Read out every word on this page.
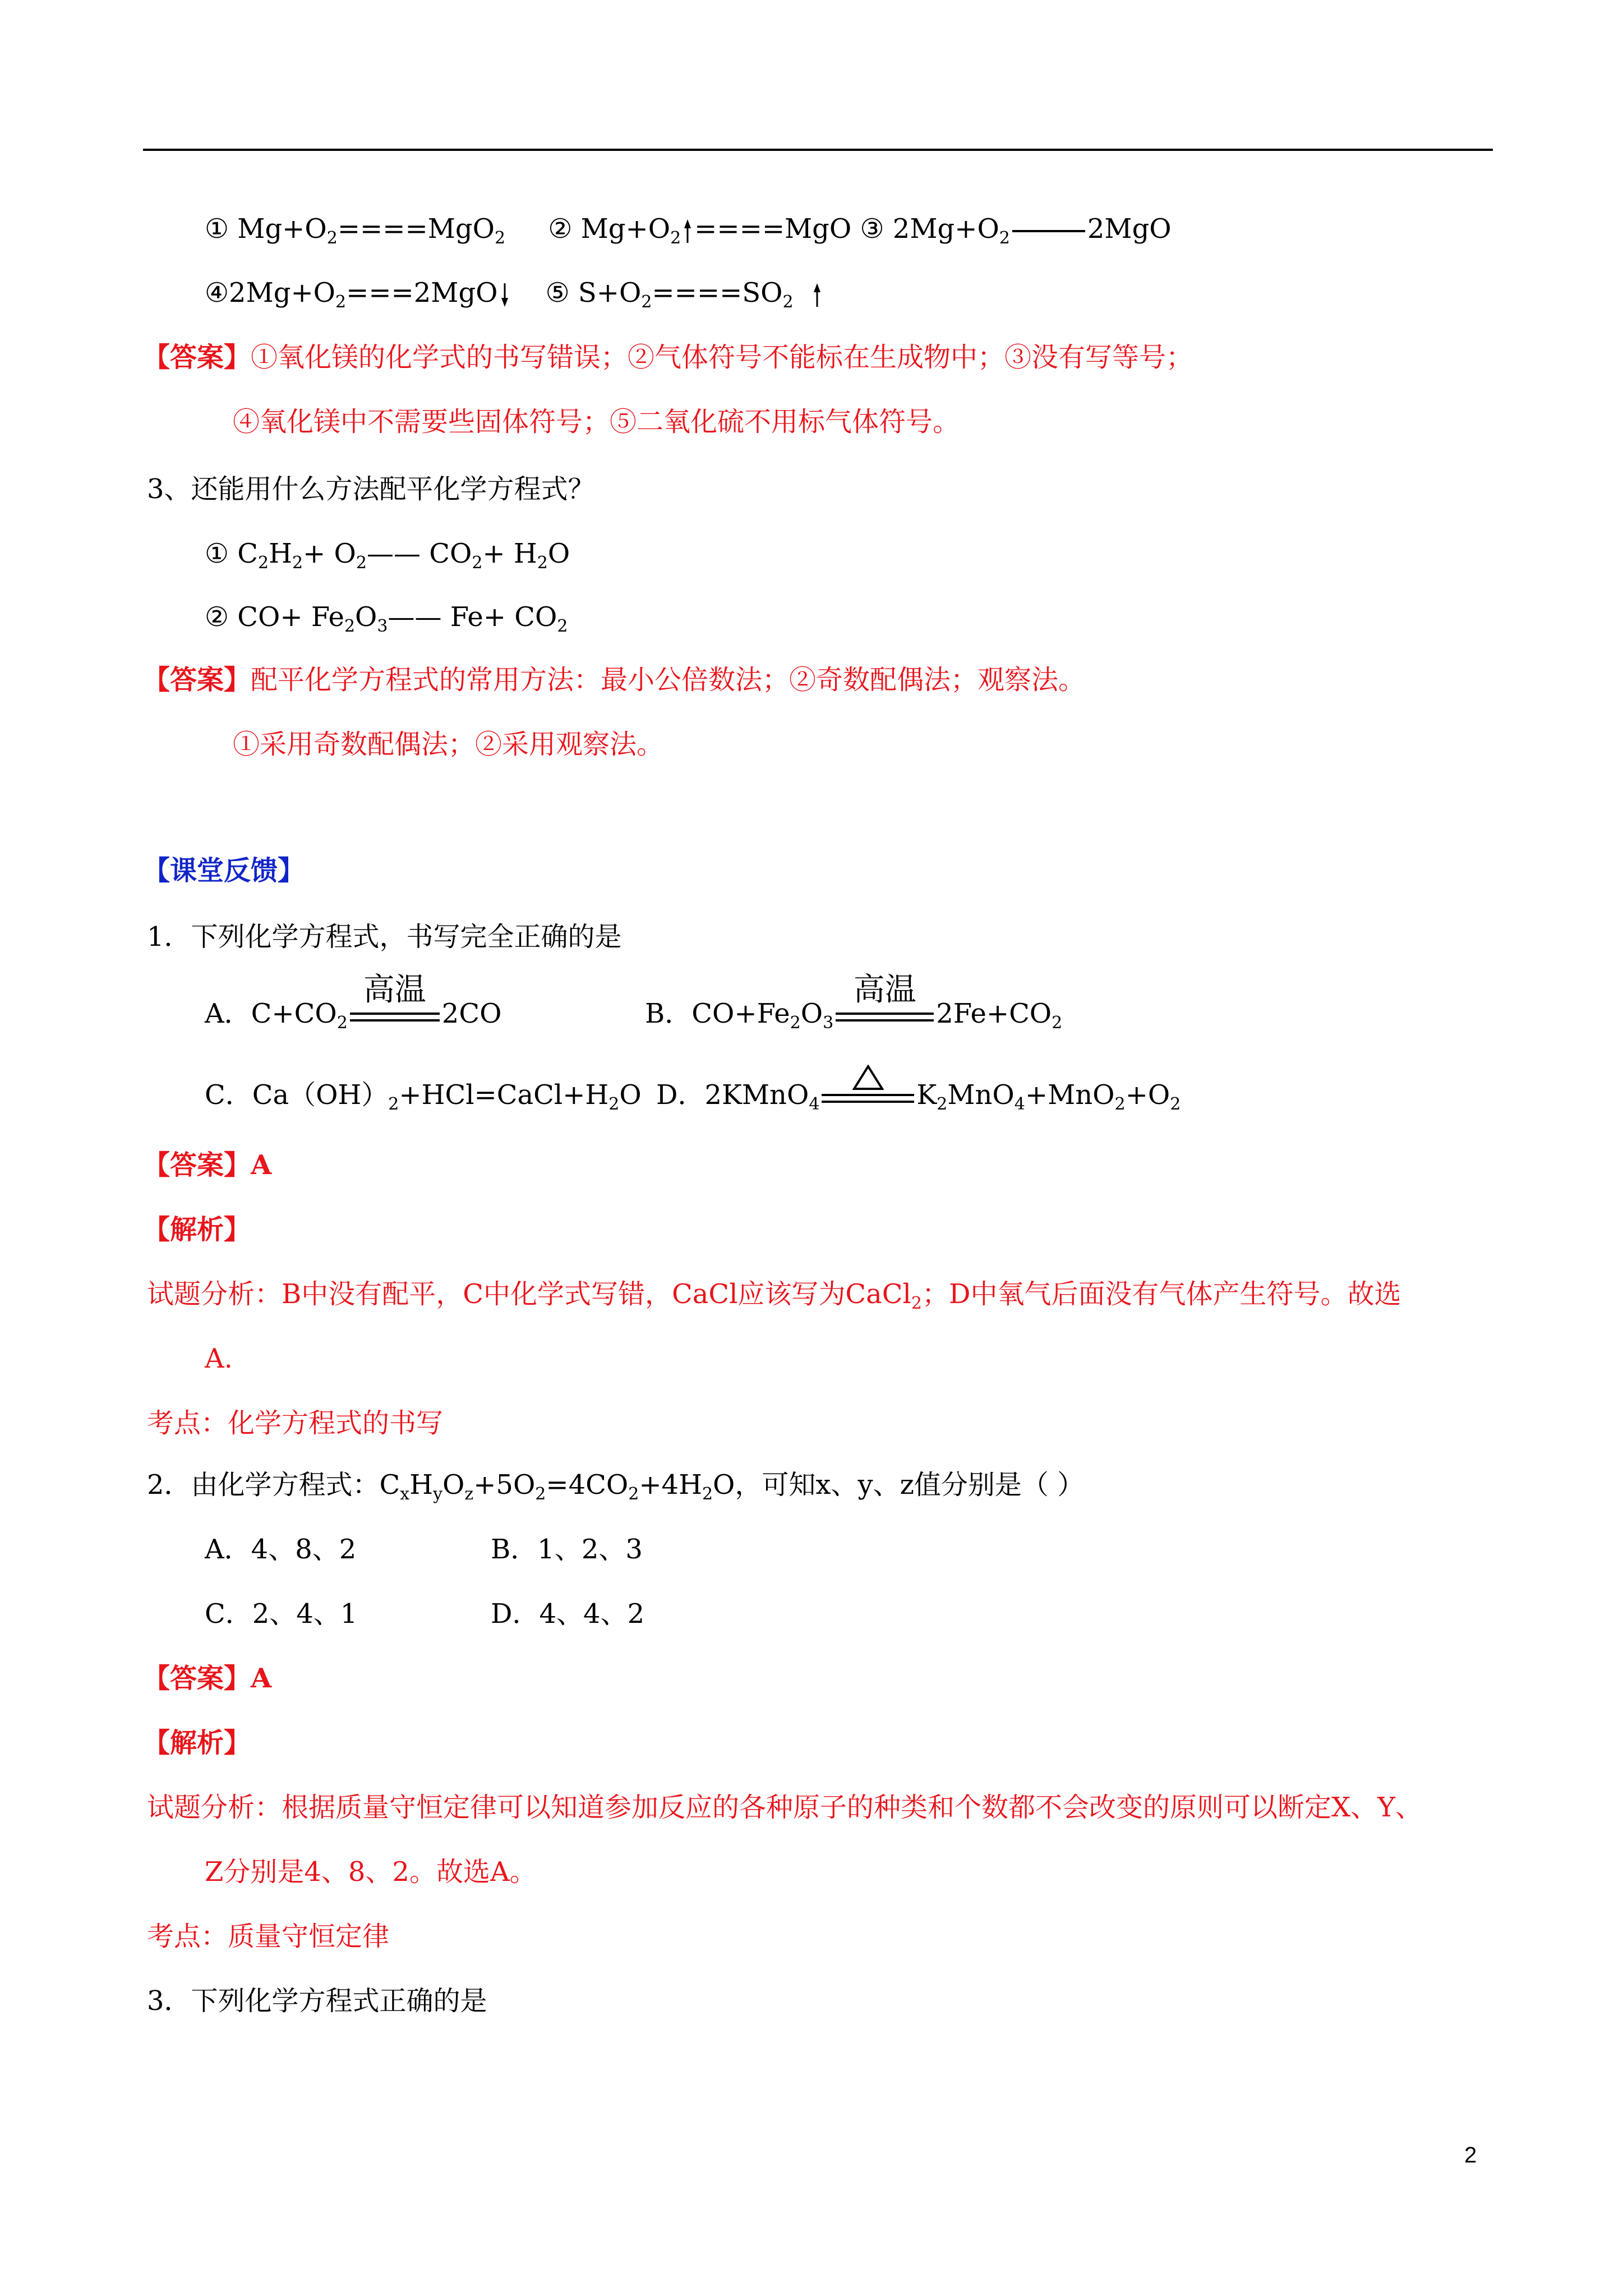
① $Mg+O_2====MgO_2$ ② $Mg+O_2 ====MgO$ ③ $2Mg+O_2$	2MgO
$④2Mg+O_2===2MgO$    ⑤ $S+O_2====SO_2$
【答案】①氧化镁的化学式的书写错误；②气体符号不能标在生成物中；③没有写等号；
④氧化镁中不需要些固体符号；⑤二氧化硫不用标气体符号。
3、还能用什么方法配平化学方程式？
① $C_2H_2+$ $O_2——$ $CO_2+ H_2O$
② $CO+ Fe_2O_3——$ $Fe+ CO_2$
【答案】配平化学方程式的常用方法：最小公倍数法；②奇数配偶法；观察法。
①采用奇数配偶法；②采用观察法。
【课堂反馈】
1．下列化学方程式，书写完全正确的是
A．$C+CO_2$
高温
2CO	B．$CO+Fe_2O_3$
高温
$2Fe+CO_2$
C．$Ca(OH)_2+HCl=CaCl+H_2O$ D．2KMnO$_4$	$K_2MnO_4+MnO_2+O_2$
【答案】A
【解析】
试题分析：B中没有配平，C中化学式写错，CaCl应该写为CaCl$_2$；D中氧气后面没有气体产生符号。故选
A.
考点：化学方程式的书写
2．由化学方程式：$C_xH_yO_z+5O_2=4CO_2+4H_2O$，可知x、y、z值分别是（ ）
A．4、8、2	B．1、2、3
C．2、4、1	D．4、4、2
【答案】A
【解析】
试题分析：根据质量守恒定律可以知道参加反应的各种原子的种类和个数都不会改变的原则可以断定X、Y、
Z分别是4、8、2。故选A。
考点：质量守恒定律
3．下列化学方程式正确的是
2
